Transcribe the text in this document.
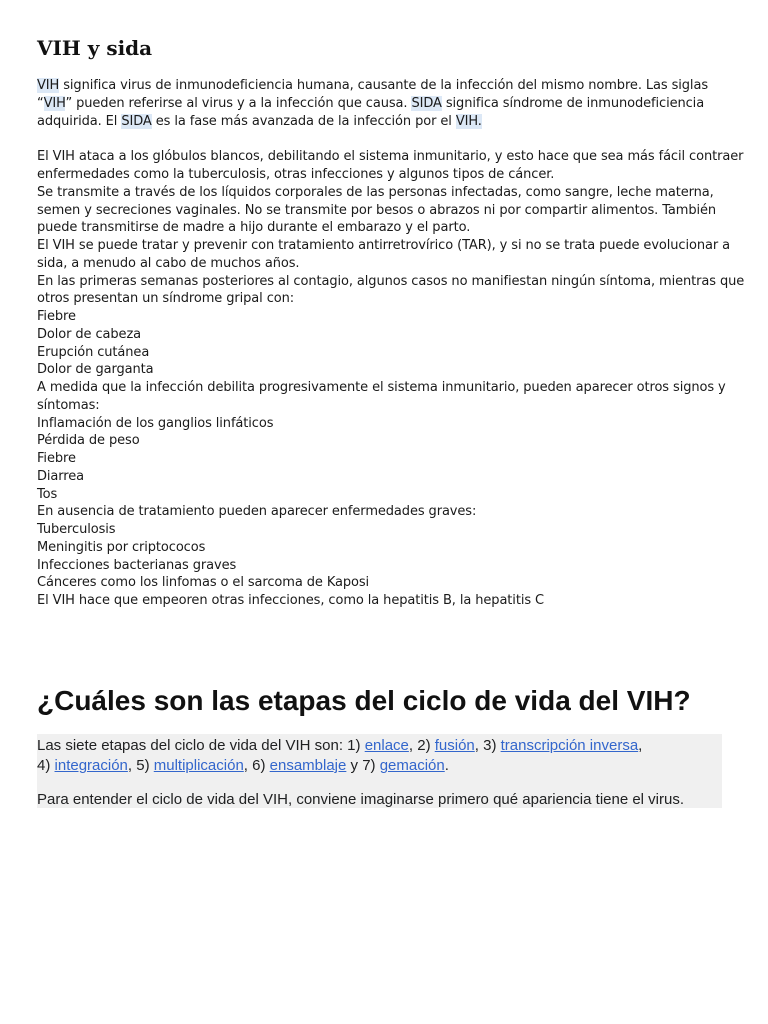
VIH y sida
VIH significa virus de inmunodeficiencia humana, causante de la infección del mismo nombre. Las siglas
“VIH” pueden referirse al virus y a la infección que causa. SIDA significa síndrome de inmunodeficiencia
adquirida. El SIDA es la fase más avanzada de la infección por el VIH.
El VIH ataca a los glóbulos blancos, debilitando el sistema inmunitario, y esto hace que sea más fácil contraer
enfermedades como la tuberculosis, otras infecciones y algunos tipos de cáncer.
Se transmite a través de los líquidos corporales de las personas infectadas, como sangre, leche materna,
semen y secreciones vaginales. No se transmite por besos o abrazos ni por compartir alimentos. También
puede transmitirse de madre a hijo durante el embarazo y el parto.
El VIH se puede tratar y prevenir con tratamiento antirretrovírico (TAR), y si no se trata puede evolucionar a
sida, a menudo al cabo de muchos años.
En las primeras semanas posteriores al contagio, algunos casos no manifiestan ningún síntoma, mientras que
otros presentan un síndrome gripal con:
Fiebre
Dolor de cabeza
Erupción cutánea
Dolor de garganta
A medida que la infección debilita progresivamente el sistema inmunitario, pueden aparecer otros signos y
síntomas:
Inflamación de los ganglios linfáticos
Pérdida de peso
Fiebre
Diarrea
Tos
En ausencia de tratamiento pueden aparecer enfermedades graves:
Tuberculosis
Meningitis por criptococos
Infecciones bacterianas graves
Cánceres como los linfomas o el sarcoma de Kaposi
El VIH hace que empeoren otras infecciones, como la hepatitis B, la hepatitis C
¿Cuáles son las etapas del ciclo de vida del VIH?

Las siete etapas del ciclo de vida del VIH son: 1) enlace, 2) fusión, 3) transcripción inversa,
4) integración, 5) multiplicación, 6) ensamblaje y 7) gemación.

Para entender el ciclo de vida del VIH, conviene imaginarse primero qué apariencia tiene el virus.
